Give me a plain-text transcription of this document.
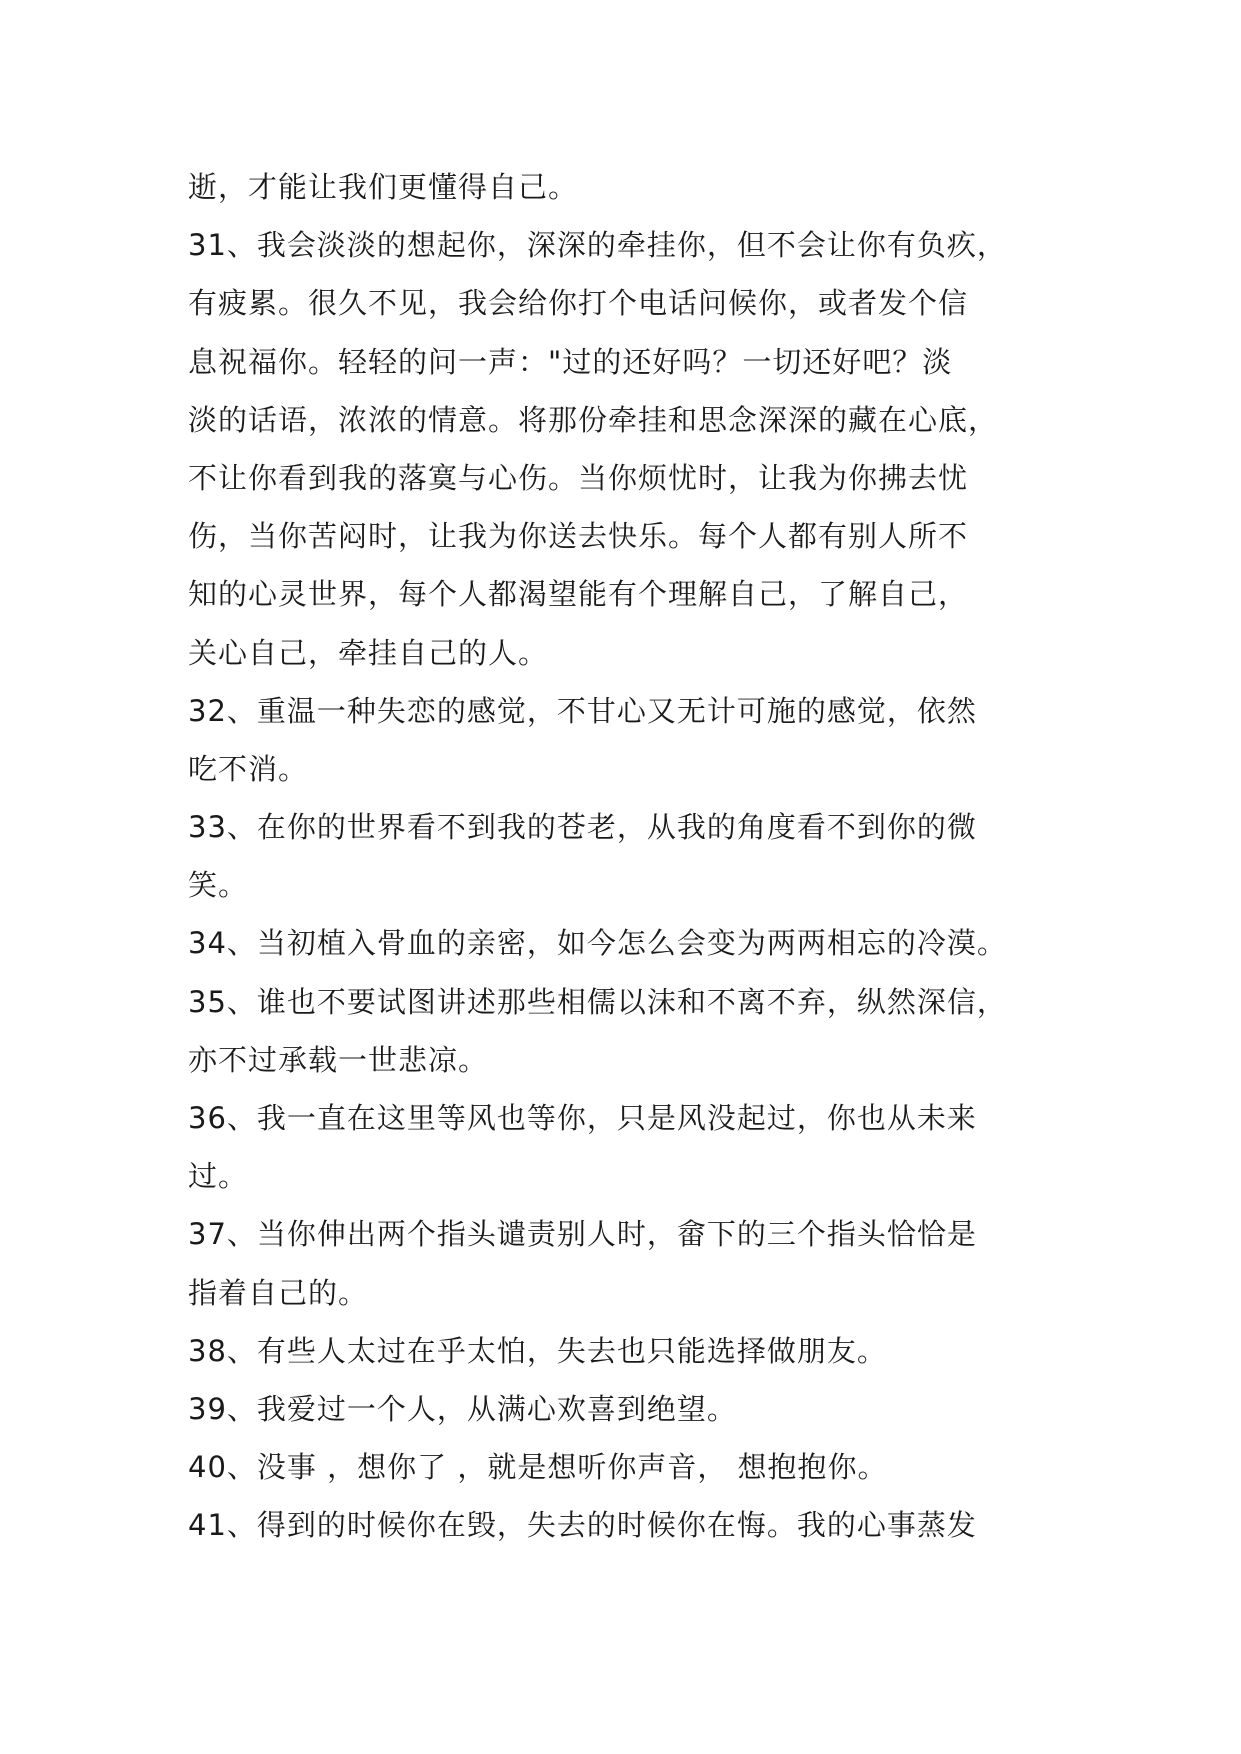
逝，才能让我们更懂得自己。
31、我会淡淡的想起你，深深的牵挂你，但不会让你有负疚，
有疲累。很久不见，我会给你打个电话问候你，或者发个信
息祝福你。轻轻的问一声："过的还好吗？一切还好吧？淡
淡的话语，浓浓的情意。将那份牵挂和思念深深的藏在心底，
不让你看到我的落寞与心伤。当你烦忧时，让我为你拂去忧
伤，当你苦闷时，让我为你送去快乐。每个人都有别人所不
知的心灵世界，每个人都渴望能有个理解自己，了解自己，
关心自己，牵挂自己的人。
32、重温一种失恋的感觉，不甘心又无计可施的感觉，依然
吃不消。
33、在你的世界看不到我的苍老，从我的角度看不到你的微
笑。
34、当初植入骨血的亲密，如今怎么会变为两两相忘的冷漠。
35、谁也不要试图讲述那些相儒以沫和不离不弃，纵然深信，
亦不过承载一世悲凉。
36、我一直在这里等风也等你，只是风没起过，你也从未来
过。
37、当你伸出两个指头谴责别人时，畲下的三个指头恰恰是
指着自己的。
38、有些人太过在乎太怕，失去也只能选择做朋友。
39、我爱过一个人，从满心欢喜到绝望。
40、没事 ，想你了 ，就是想听你声音， 想抱抱你。
41、得到的时候你在毁，失去的时候你在悔。我的心事蒸发
